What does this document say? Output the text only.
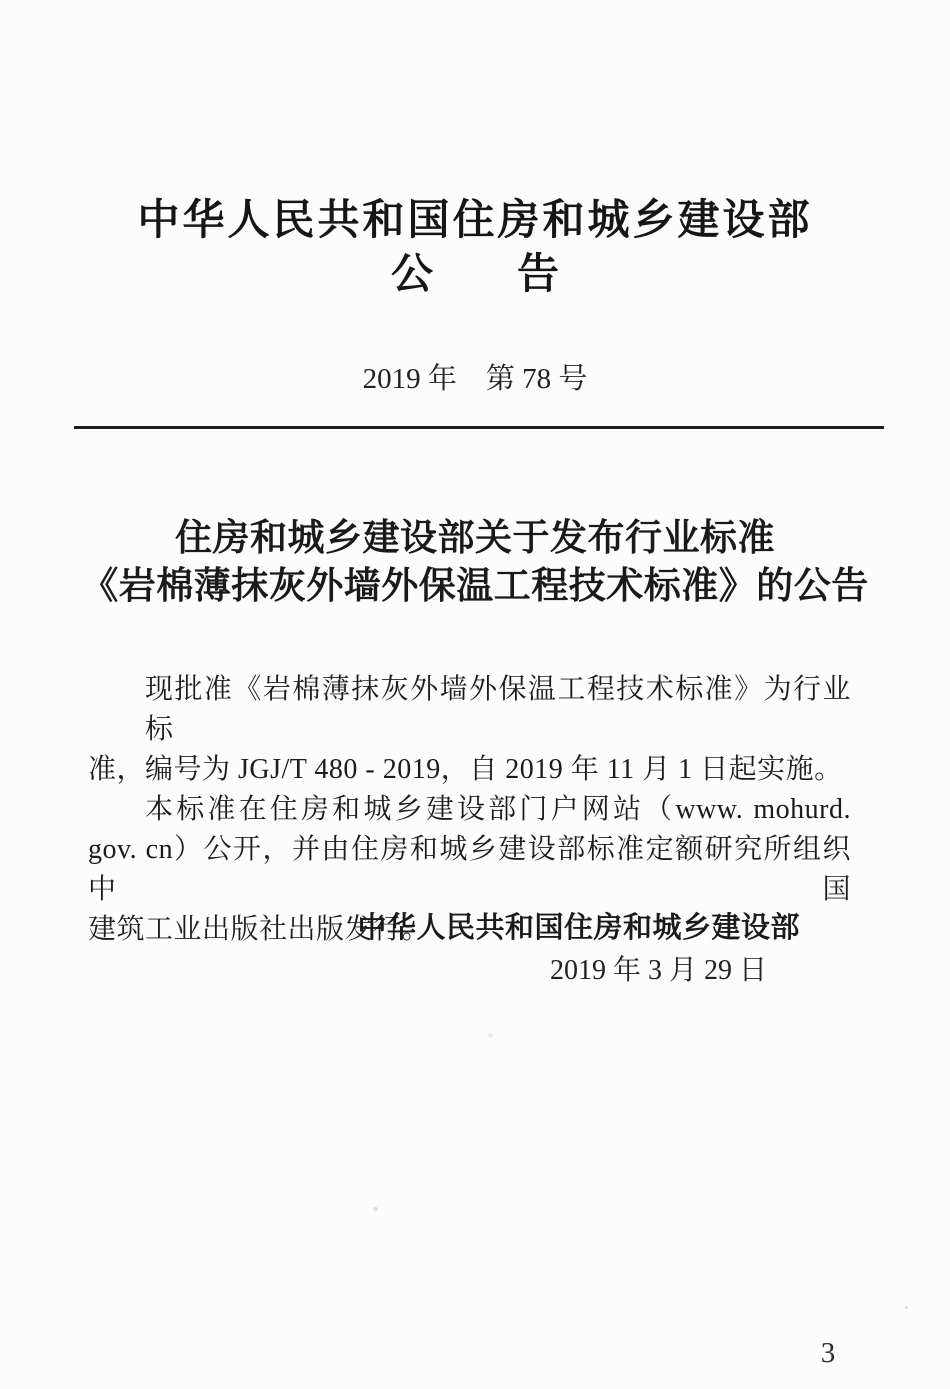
中华人民共和国住房和城乡建设部
公　　告
2019 年　第 78 号
住房和城乡建设部关于发布行业标准
《岩棉薄抹灰外墙外保温工程技术标准》的公告
现批准《岩棉薄抹灰外墙外保温工程技术标准》为行业标
准，编号为 JGJ/T 480 - 2019，自 2019 年 11 月 1 日起实施。
本标准在住房和城乡建设部门户网站（www. mohurd.
gov. cn）公开，并由住房和城乡建设部标准定额研究所组织中国
建筑工业出版社出版发行。
中华人民共和国住房和城乡建设部
2019 年 3 月 29 日
3
